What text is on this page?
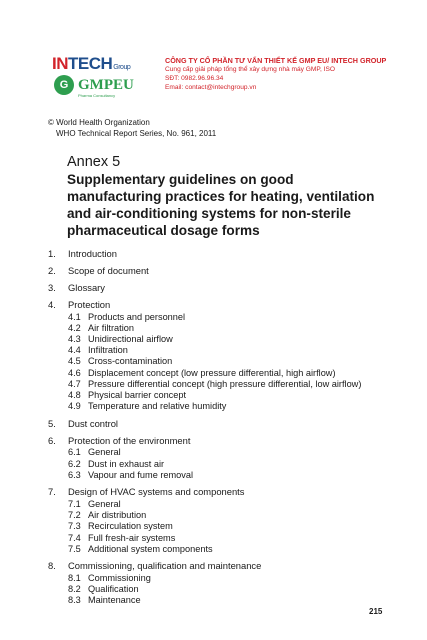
INTECHGroup
G GMPEU
Pharma Consultancy
CÔNG TY CỔ PHẦN TƯ VẤN THIẾT KẾ GMP EU/ INTECH GROUP
Cung cấp giải pháp tổng thể xây dựng nhà máy GMP, ISO
SĐT: 0982.96.96.34
Email: contact@intechgroup.vn
© World Health Organization
WHO Technical Report Series, No. 961, 2011
Annex 5
Supplementary guidelines on good manufacturing practices for heating, ventilation and air-conditioning systems for non-sterile pharmaceutical dosage forms
1. Introduction
2. Scope of document
3. Glossary
4. Protection
4.1 Products and personnel
4.2 Air filtration
4.3 Unidirectional airflow
4.4 Infiltration
4.5 Cross-contamination
4.6 Displacement concept (low pressure differential, high airflow)
4.7 Pressure differential concept (high pressure differential, low airflow)
4.8 Physical barrier concept
4.9 Temperature and relative humidity
5. Dust control
6. Protection of the environment
6.1 General
6.2 Dust in exhaust air
6.3 Vapour and fume removal
7. Design of HVAC systems and components
7.1 General
7.2 Air distribution
7.3 Recirculation system
7.4 Full fresh-air systems
7.5 Additional system components
8. Commissioning, qualification and maintenance
8.1 Commissioning
8.2 Qualification
8.3 Maintenance
215
